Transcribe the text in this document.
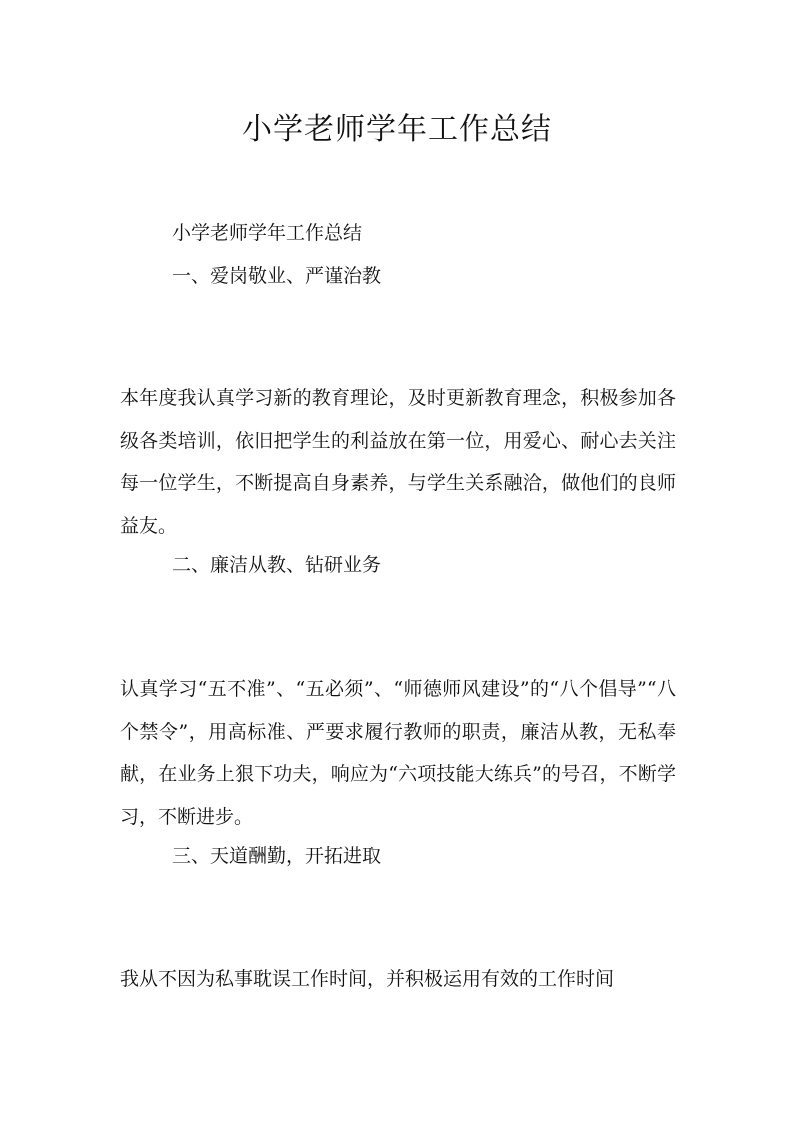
小学老师学年工作总结

小学老师学年工作总结

一、爱岗敬业、严谨治教

本年度我认真学习新的教育理论，及时更新教育理念，积极参加各级各类培训，依旧把学生的利益放在第一位，用爱心、耐心去关注每一位学生，不断提高自身素养，与学生关系融洽，做他们的良师益友。

二、廉洁从教、钻研业务

认真学习“五不准”、“五必须”、“师德师风建设”的“八个倡导”“八个禁令”，用高标准、严要求履行教师的职责，廉洁从教，无私奉献，在业务上狠下功夫，响应为“六项技能大练兵”的号召，不断学习，不断进步。

三、天道酬勤，开拓进取

我从不因为私事耽误工作时间，并积极运用有效的工作时间
